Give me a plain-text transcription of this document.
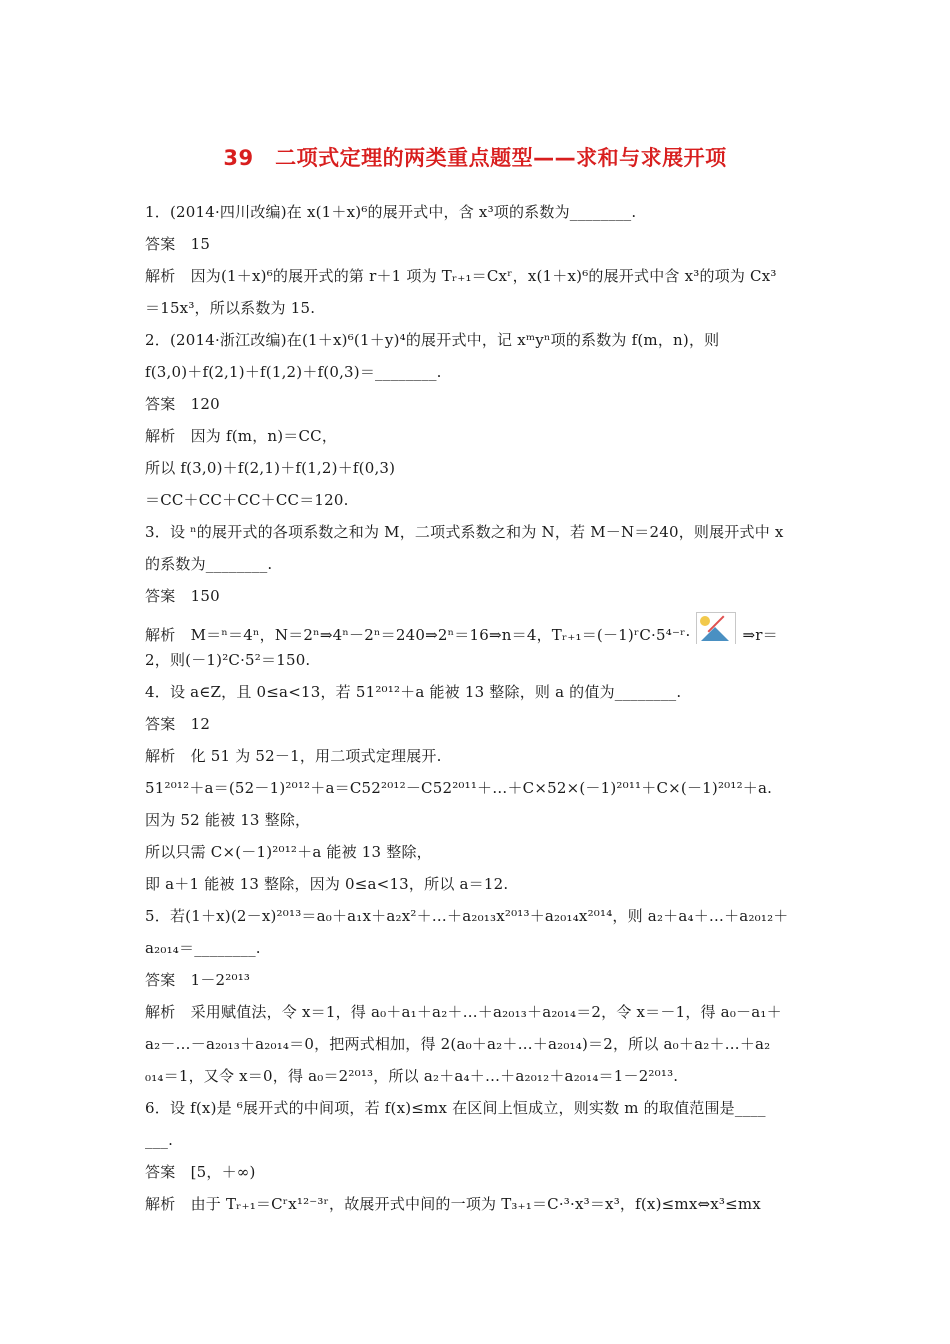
39　二项式定理的两类重点题型——求和与求展开项
1．(2014·四川改编)在 x(1＋x)⁶的展开式中，含 x³项的系数为________.
答案　15
解析　因为(1＋x)⁶的展开式的第 r＋1 项为 Tᵣ₊₁＝Cxʳ，x(1＋x)⁶的展开式中含 x³的项为 Cx³
＝15x³，所以系数为 15.
2．(2014·浙江改编)在(1＋x)⁶(1＋y)⁴的展开式中，记 xᵐyⁿ项的系数为 f(m，n)，则
f(3,0)＋f(2,1)＋f(1,2)＋f(0,3)＝________.
答案　120
解析　因为 f(m，n)＝CC，
所以 f(3,0)＋f(2,1)＋f(1,2)＋f(0,3)
＝CC＋CC＋CC＋CC＝120.
3．设 ⁿ的展开式的各项系数之和为 M，二项式系数之和为 N，若 M－N＝240，则展开式中 x
的系数为________.
答案　150
解析　M＝ⁿ＝4ⁿ，N＝2ⁿ⇒4ⁿ－2ⁿ＝240⇒2ⁿ＝16⇒n＝4，Tᵣ₊₁＝(－1)ʳC·5⁴⁻ʳ·	⇒r＝
2，则(－1)²C·5²＝150.
4．设 a∈Z，且 0≤a<13，若 51²⁰¹²＋a 能被 13 整除，则 a 的值为________.
答案　12
解析　化 51 为 52－1，用二项式定理展开.
51²⁰¹²＋a＝(52－1)²⁰¹²＋a＝C52²⁰¹²－C52²⁰¹¹＋…＋C×52×(－1)²⁰¹¹＋C×(－1)²⁰¹²＋a.
因为 52 能被 13 整除，
所以只需 C×(－1)²⁰¹²＋a 能被 13 整除，
即 a＋1 能被 13 整除，因为 0≤a<13，所以 a＝12.
5．若(1＋x)(2－x)²⁰¹³＝a₀＋a₁x＋a₂x²＋…＋a₂₀₁₃x²⁰¹³＋a₂₀₁₄x²⁰¹⁴，则 a₂＋a₄＋…＋a₂₀₁₂＋
a₂₀₁₄＝________.
答案　1－2²⁰¹³
解析　采用赋值法，令 x＝1，得 a₀＋a₁＋a₂＋…＋a₂₀₁₃＋a₂₀₁₄＝2，令 x＝－1，得 a₀－a₁＋
a₂－…－a₂₀₁₃＋a₂₀₁₄＝0，把两式相加，得 2(a₀＋a₂＋…＋a₂₀₁₄)＝2，所以 a₀＋a₂＋…＋a₂
₀₁₄＝1，又令 x＝0，得 a₀＝2²⁰¹³，所以 a₂＋a₄＋…＋a₂₀₁₂＋a₂₀₁₄＝1－2²⁰¹³.
6．设 f(x)是 ⁶展开式的中间项，若 f(x)≤mx 在区间上恒成立，则实数 m 的取值范围是____
___.
答案　[5，＋∞)
解析　由于 Tᵣ₊₁＝Cʳx¹²⁻³ʳ，故展开式中间的一项为 T₃₊₁＝C·³·x³＝x³，f(x)≤mx⇔x³≤mx
